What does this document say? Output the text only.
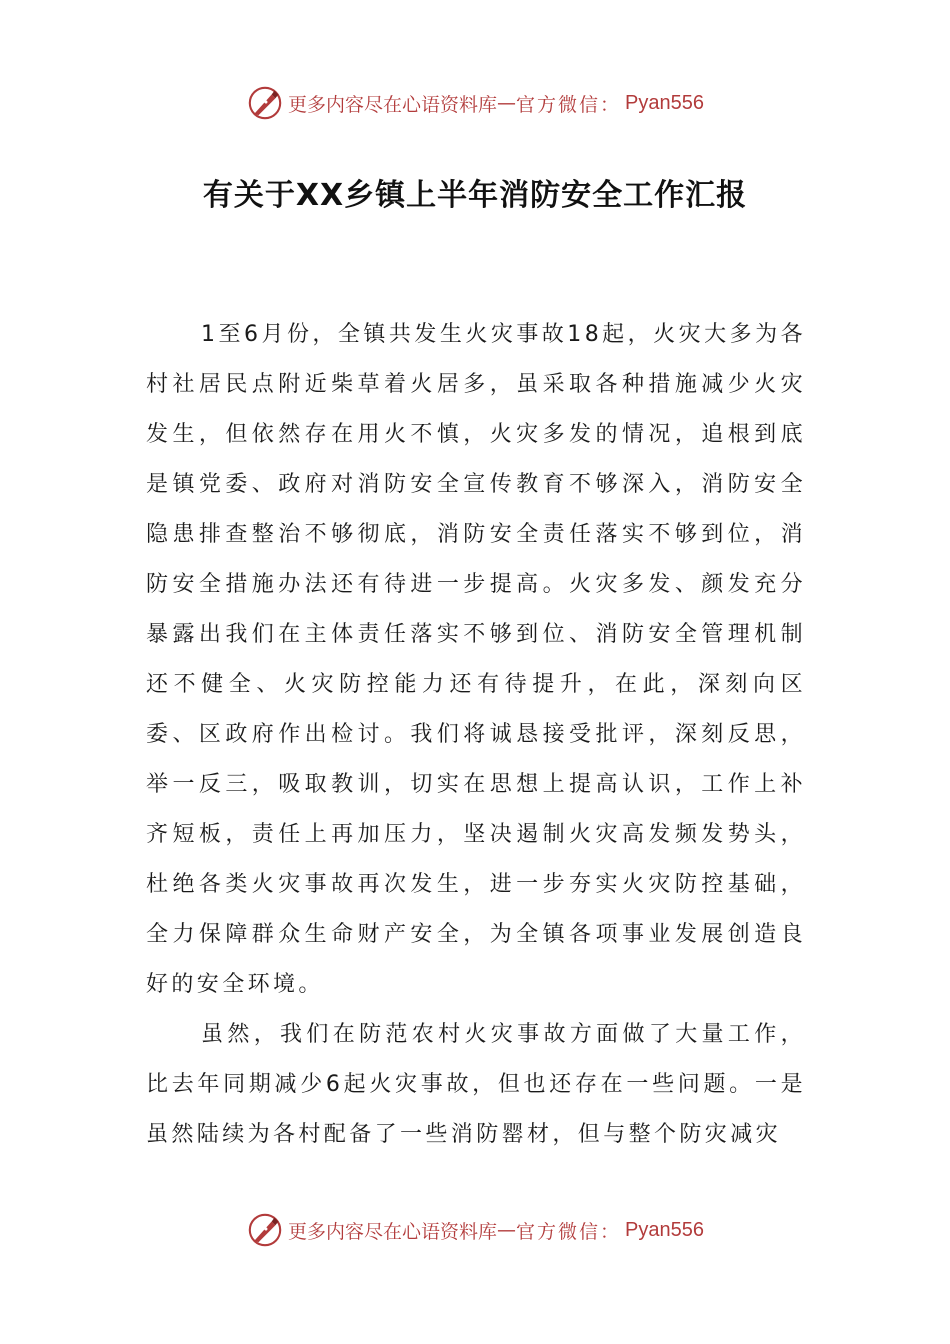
更多内容尽在心语资料库 — 官方微信： Pyan556
有关于XX乡镇上半年消防安全工作汇报

1至6月份，全镇共发生火灾事故18起，火灾大多为各村社居民点附近柴草着火居多，虽采取各种措施减少火灾发生，但依然存在用火不慎，火灾多发的情况，追根到底是镇党委、政府对消防安全宣传教育不够深入，消防安全隐患排查整治不够彻底，消防安全责任落实不够到位，消防安全措施办法还有待进一步提高。火灾多发、颜发充分暴露出我们在主体责任落实不够到位、消防安全管理机制还不健全、火灾防控能力还有待提升，在此，深刻向区委、区政府作出检讨。我们将诚恳接受批评，深刻反思，举一反三，吸取教训，切实在思想上提高认识，工作上补齐短板，责任上再加压力，坚决遏制火灾高发频发势头，杜绝各类火灾事故再次发生，进一步夯实火灾防控基础，全力保障群众生命财产安全，为全镇各项事业发展创造良好的安全环境。

虽然，我们在防范农村火灾事故方面做了大量工作，比去年同期减少6起火灾事故，但也还存在一些问题。一是虽然陆续为各村配备了一些消防罂材，但与整个防灾减灾

更多内容尽在心语资料库 — 官方微信： Pyan556
